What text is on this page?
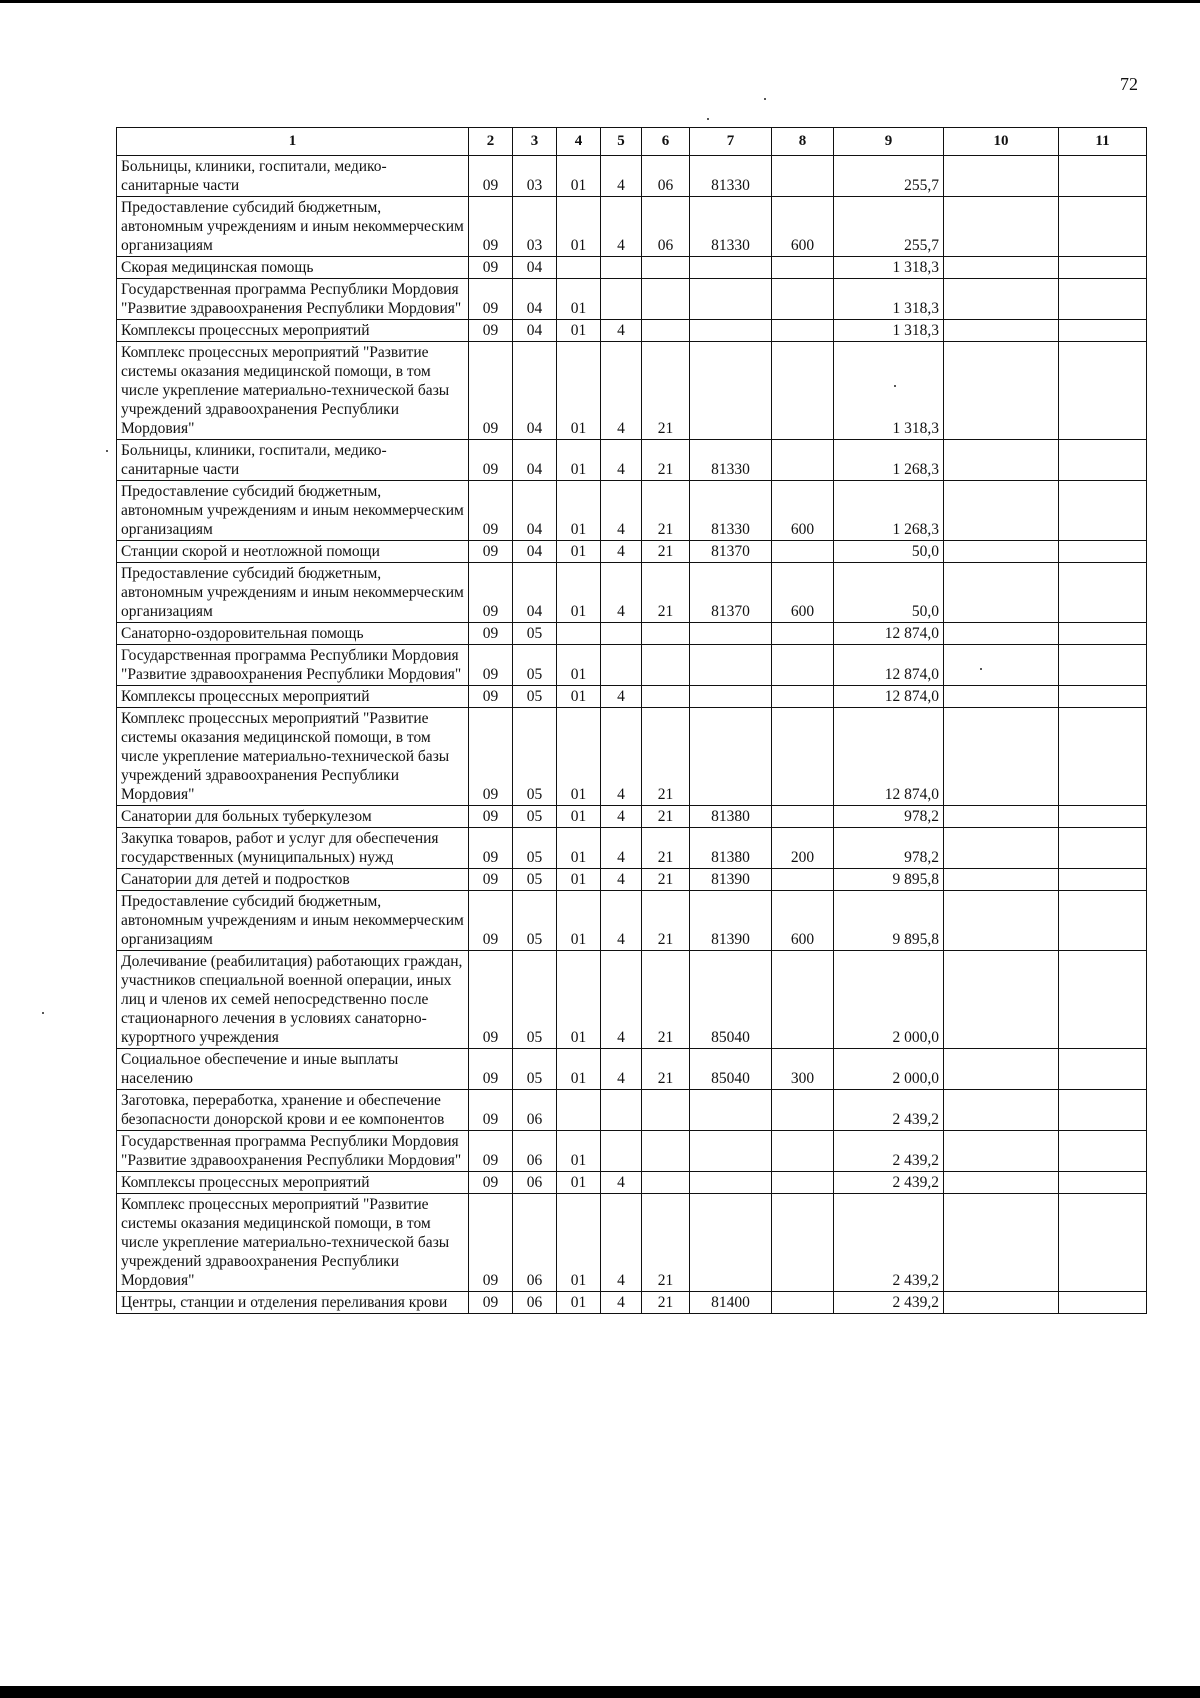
72
1	2	3	4	5	6	7	8	9	10	11
Больницы, клиники, госпитали, медико-санитарные части	09	03	01	4	06	81330		255,7		
Предоставление субсидий бюджетным, автономным учреждениям и иным некоммерческим организациям	09	03	01	4	06	81330	600	255,7		
Скорая медицинская помощь	09	04						1 318,3		
Государственная программа Республики Мордовия "Развитие здравоохранения Республики Мордовия"	09	04	01					1 318,3		
Комплексы процессных мероприятий	09	04	01	4				1 318,3		
Комплекс процессных мероприятий "Развитие системы оказания медицинской помощи, в том числе укрепление материально-технической базы учреждений здравоохранения Республики Мордовия"	09	04	01	4	21			1 318,3		
Больницы, клиники, госпитали, медико-санитарные части	09	04	01	4	21	81330		1 268,3		
Предоставление субсидий бюджетным, автономным учреждениям и иным некоммерческим организациям	09	04	01	4	21	81330	600	1 268,3		
Станции скорой и неотложной помощи	09	04	01	4	21	81370		50,0		
Предоставление субсидий бюджетным, автономным учреждениям и иным некоммерческим организациям	09	04	01	4	21	81370	600	50,0		
Санаторно-оздоровительная помощь	09	05						12 874,0		
Государственная программа Республики Мордовия "Развитие здравоохранения Республики Мордовия"	09	05	01					12 874,0		
Комплексы процессных мероприятий	09	05	01	4				12 874,0		
Комплекс процессных мероприятий "Развитие системы оказания медицинской помощи, в том числе укрепление материально-технической базы учреждений здравоохранения Республики Мордовия"	09	05	01	4	21			12 874,0		
Санатории для больных туберкулезом	09	05	01	4	21	81380		978,2		
Закупка товаров, работ и услуг для обеспечения государственных (муниципальных) нужд	09	05	01	4	21	81380	200	978,2		
Санатории для детей и подростков	09	05	01	4	21	81390		9 895,8		
Предоставление субсидий бюджетным, автономным учреждениям и иным некоммерческим организациям	09	05	01	4	21	81390	600	9 895,8		
Долечивание (реабилитация) работающих граждан, участников специальной военной операции, иных лиц и членов их семей непосредственно после стационарного лечения в условиях санаторно-курортного учреждения	09	05	01	4	21	85040		2 000,0		
Социальное обеспечение и иные выплаты населению	09	05	01	4	21	85040	300	2 000,0		
Заготовка, переработка, хранение и обеспечение безопасности донорской крови и ее компонентов	09	06						2 439,2		
Государственная программа Республики Мордовия "Развитие здравоохранения Республики Мордовия"	09	06	01					2 439,2		
Комплексы процессных мероприятий	09	06	01	4				2 439,2		
Комплекс процессных мероприятий "Развитие системы оказания медицинской помощи, в том числе укрепление материально-технической базы учреждений здравоохранения Республики Мордовия"	09	06	01	4	21			2 439,2		
Центры, станции и отделения переливания крови	09	06	01	4	21	81400		2 439,2		
